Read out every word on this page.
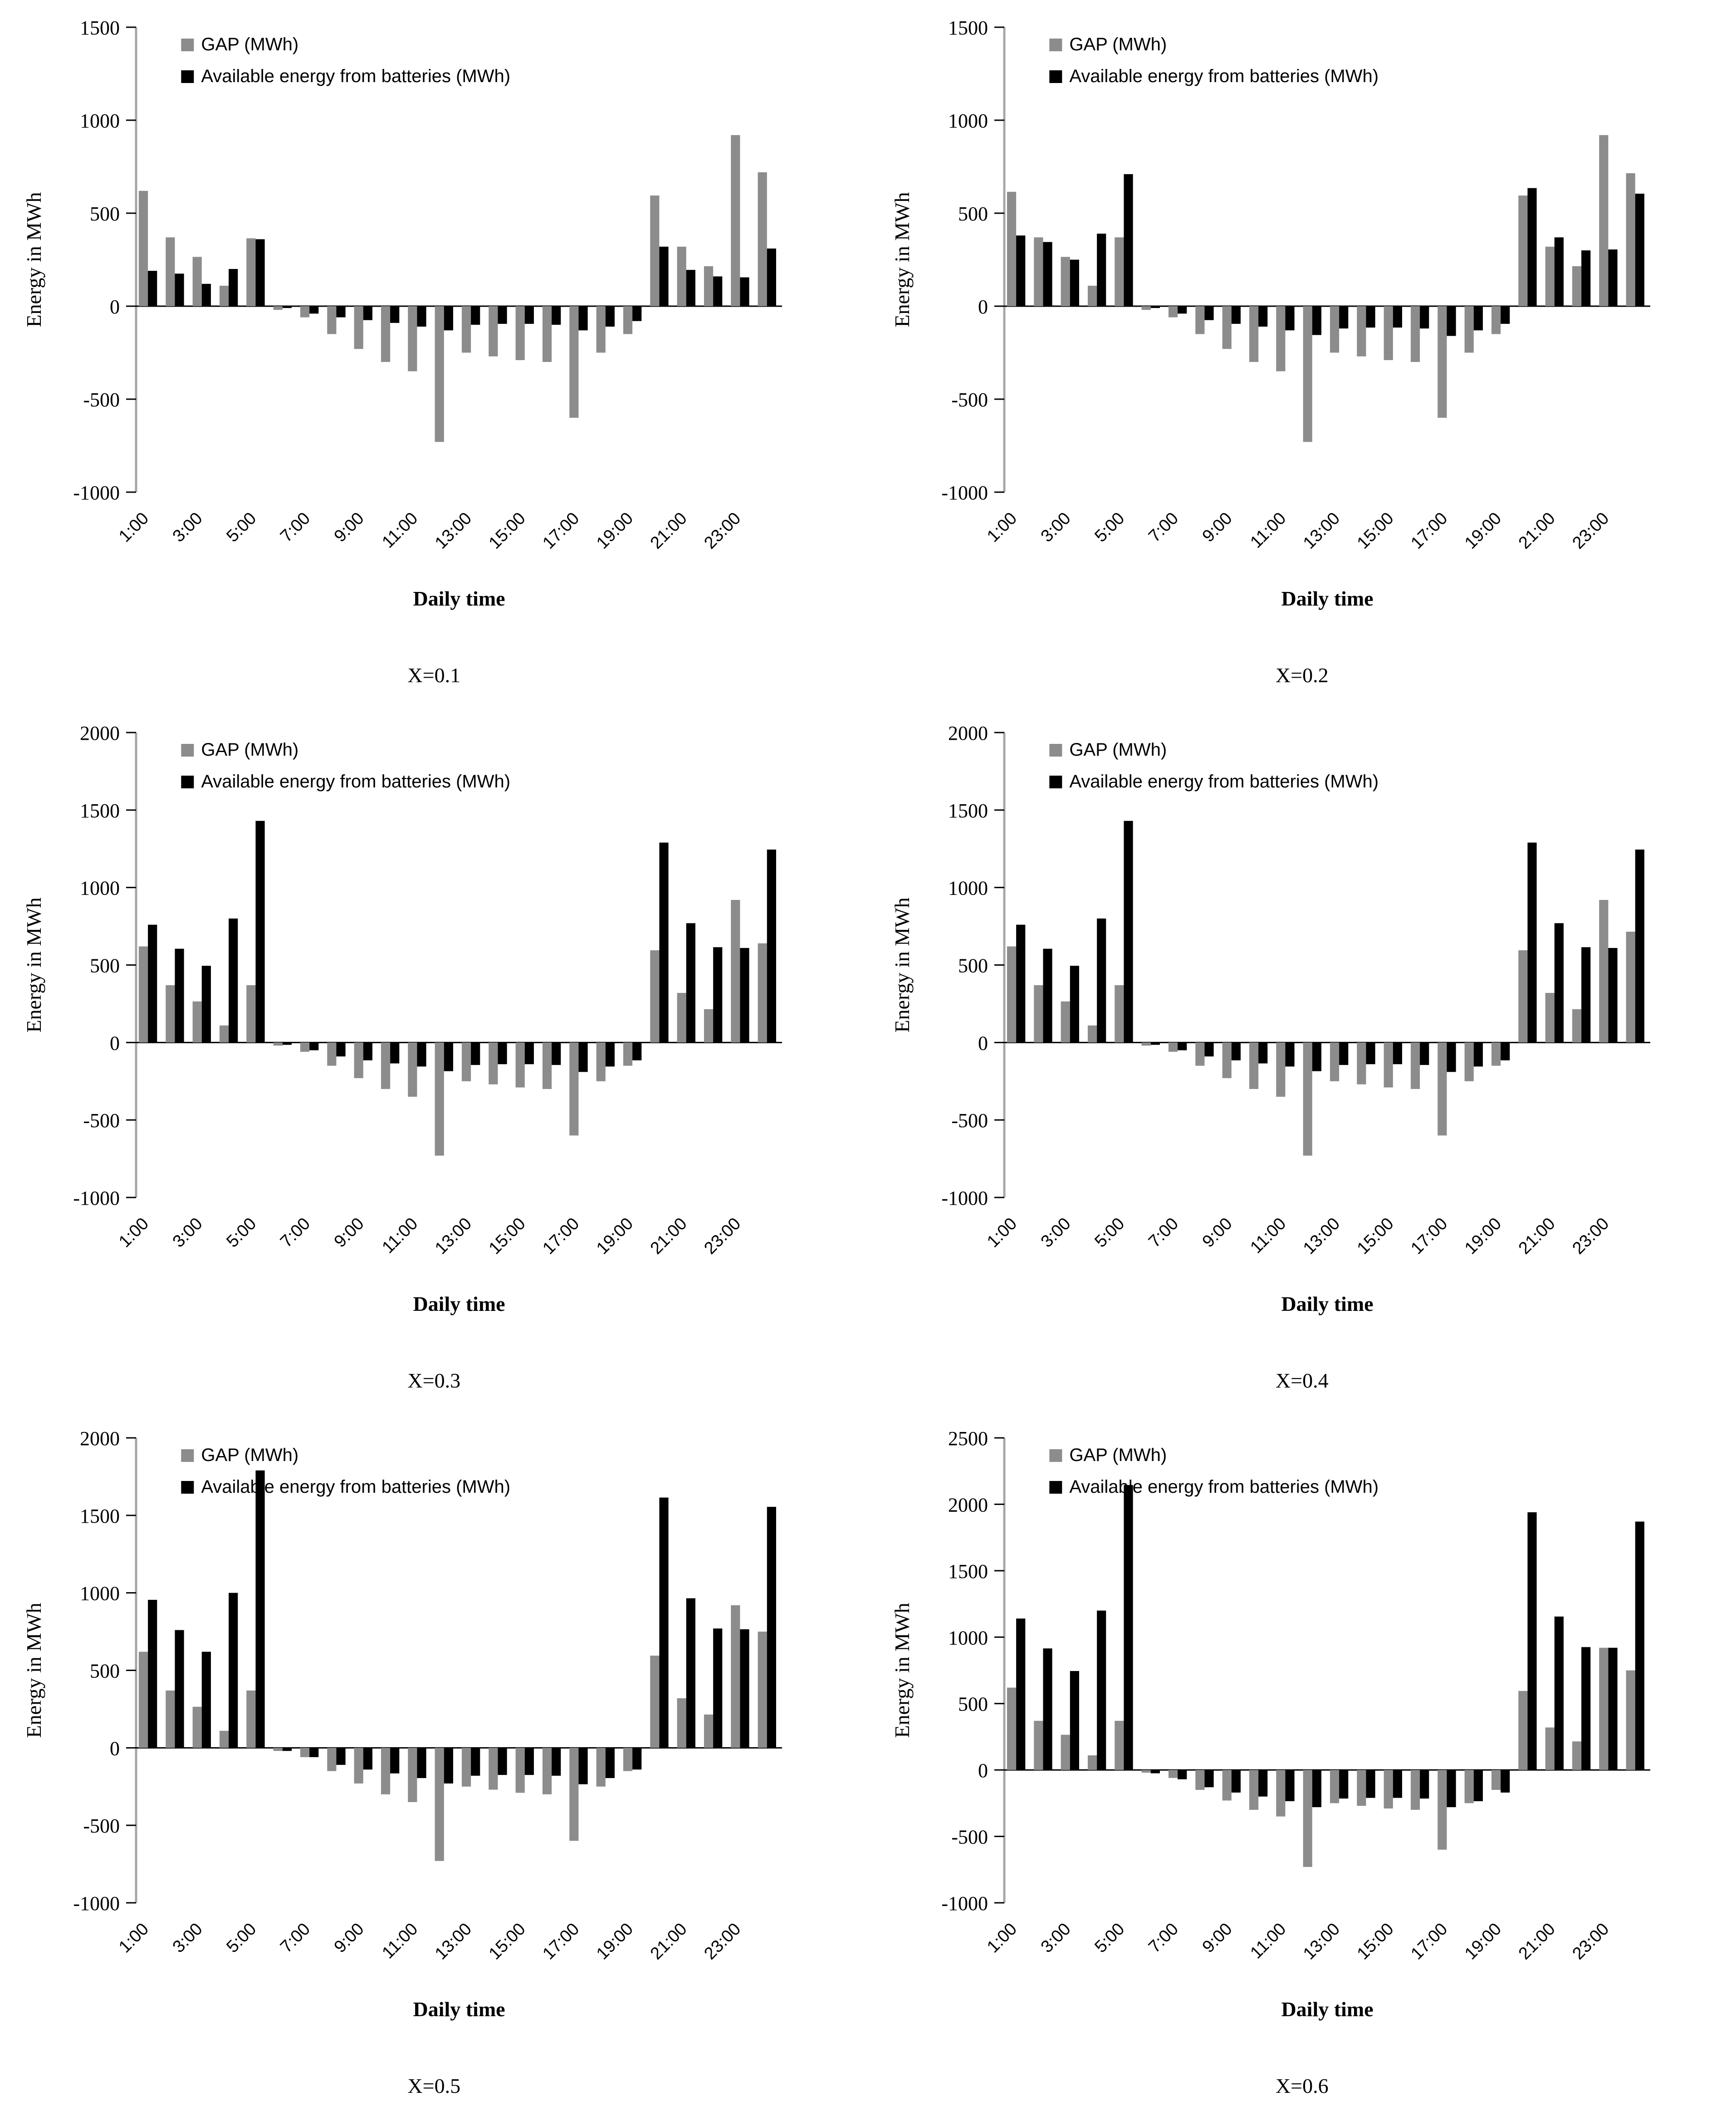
-1000
-500
0
500
1000
1500
1:00 3:00 5:00 7:00 9:00 11:00 13:00 15:00 17:00 19:00 21:00 23:00
Daily time
Energy in MWh
GAP (MWh)
Available energy from batteries (MWh)
X=0.1
-1000
-500
0
500
1000
1500
1:00 3:00 5:00 7:00 9:00 11:00 13:00 15:00 17:00 19:00 21:00 23:00
Daily time
Energy in MWh
GAP (MWh)
Available energy from batteries (MWh)
X=0.2
-1000
-500
0
500
1000
1500
2000
1:00 3:00 5:00 7:00 9:00 11:00 13:00 15:00 17:00 19:00 21:00 23:00
Daily time
Energy in MWh
GAP (MWh)
Available energy from batteries (MWh)
X=0.3
-1000
-500
0
500
1000
1500
2000
1:00 3:00 5:00 7:00 9:00 11:00 13:00 15:00 17:00 19:00 21:00 23:00
Daily time
Energy in MWh
GAP (MWh)
Available energy from batteries (MWh)
X=0.4
-1000
-500
0
500
1000
1500
2000
1:00 3:00 5:00 7:00 9:00 11:00 13:00 15:00 17:00 19:00 21:00 23:00
Daily time
Energy in MWh
GAP (MWh)
Available energy from batteries (MWh)
X=0.5
-1000
-500
0
500
1000
1500
2000
2500
1:00 3:00 5:00 7:00 9:00 11:00 13:00 15:00 17:00 19:00 21:00 23:00
Daily time
Energy in MWh
GAP (MWh)
Available energy from batteries (MWh)
X=0.6
